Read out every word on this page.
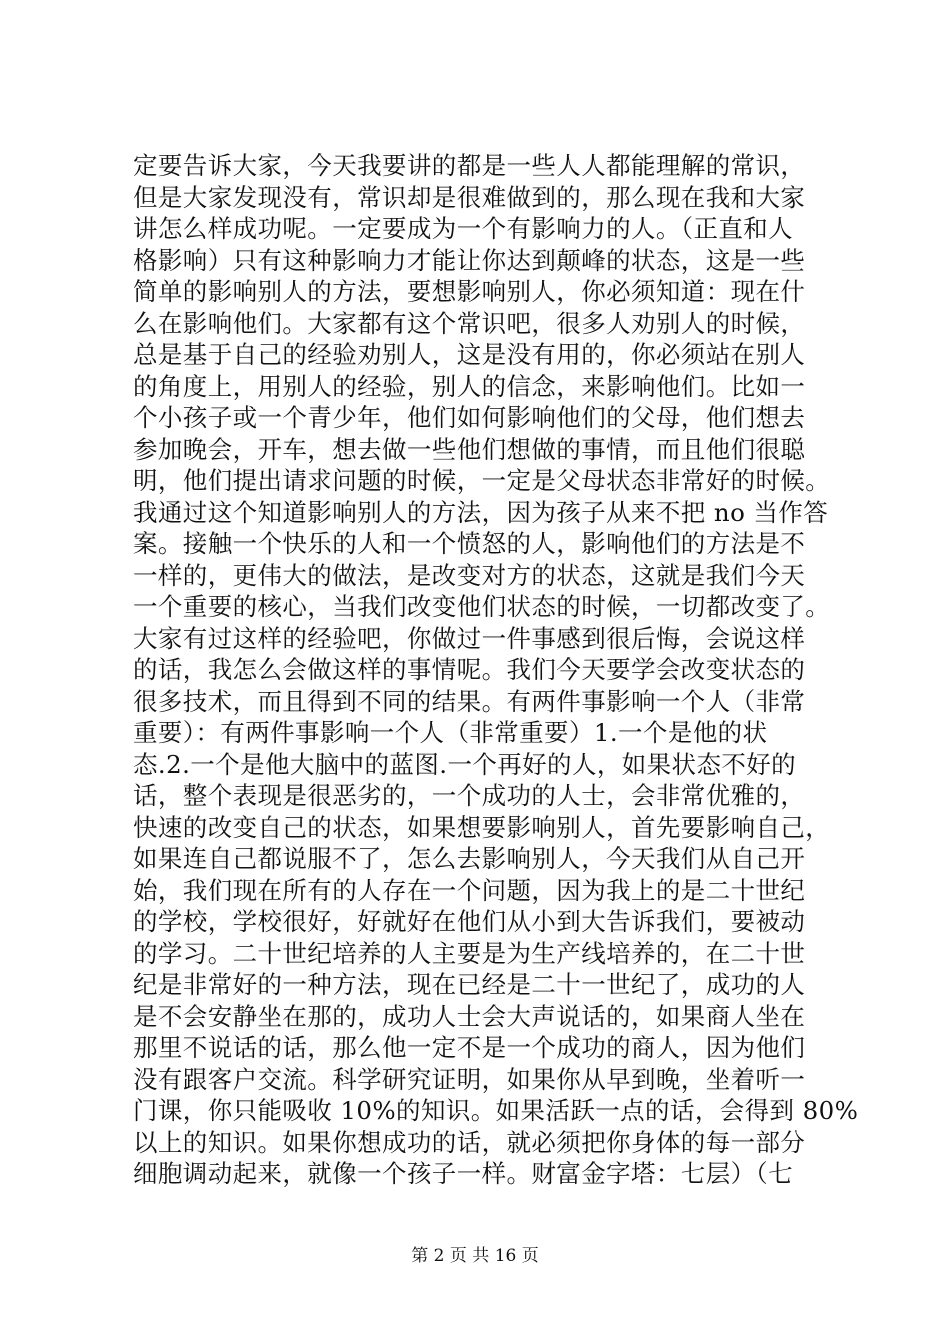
定要告诉大家，今天我要讲的都是一些人人都能理解的常识，
但是大家发现没有，常识却是很难做到的，那么现在我和大家
讲怎么样成功呢。一定要成为一个有影响力的人。（正直和人
格影响）只有这种影响力才能让你达到颠峰的状态，这是一些
简单的影响别人的方法，要想影响别人，你必须知道：现在什
么在影响他们。大家都有这个常识吧，很多人劝别人的时候，
总是基于自己的经验劝别人，这是没有用的，你必须站在别人
的角度上，用别人的经验，别人的信念，来影响他们。比如一
个小孩子或一个青少年，他们如何影响他们的父母，他们想去
参加晚会，开车，想去做一些他们想做的事情，而且他们很聪
明，他们提出请求问题的时候，一定是父母状态非常好的时候。
我通过这个知道影响别人的方法，因为孩子从来不把 no 当作答
案。接触一个快乐的人和一个愤怒的人，影响他们的方法是不
一样的，更伟大的做法，是改变对方的状态，这就是我们今天
一个重要的核心，当我们改变他们状态的时候，一切都改变了。
大家有过这样的经验吧，你做过一件事感到很后悔，会说这样
的话，我怎么会做这样的事情呢。我们今天要学会改变状态的
很多技术，而且得到不同的结果。有两件事影响一个人（非常
重要）：有两件事影响一个人（非常重要）1.一个是他的状
态.2.一个是他大脑中的蓝图.一个再好的人，如果状态不好的
话，整个表现是很恶劣的，一个成功的人士，会非常优雅的，
快速的改变自己的状态，如果想要影响别人，首先要影响自己，
如果连自己都说服不了，怎么去影响别人，今天我们从自己开
始，我们现在所有的人存在一个问题，因为我上的是二十世纪
的学校，学校很好，好就好在他们从小到大告诉我们，要被动
的学习。二十世纪培养的人主要是为生产线培养的，在二十世
纪是非常好的一种方法，现在已经是二十一世纪了，成功的人
是不会安静坐在那的，成功人士会大声说话的，如果商人坐在
那里不说话的话，那么他一定不是一个成功的商人，因为他们
没有跟客户交流。科学研究证明，如果你从早到晚，坐着听一
门课，你只能吸收 10%的知识。如果活跃一点的话，会得到 80%
以上的知识。如果你想成功的话，就必须把你身体的每一部分
细胞调动起来，就像一个孩子一样。财富金字塔：七层）（七
第 2 页 共 16 页
